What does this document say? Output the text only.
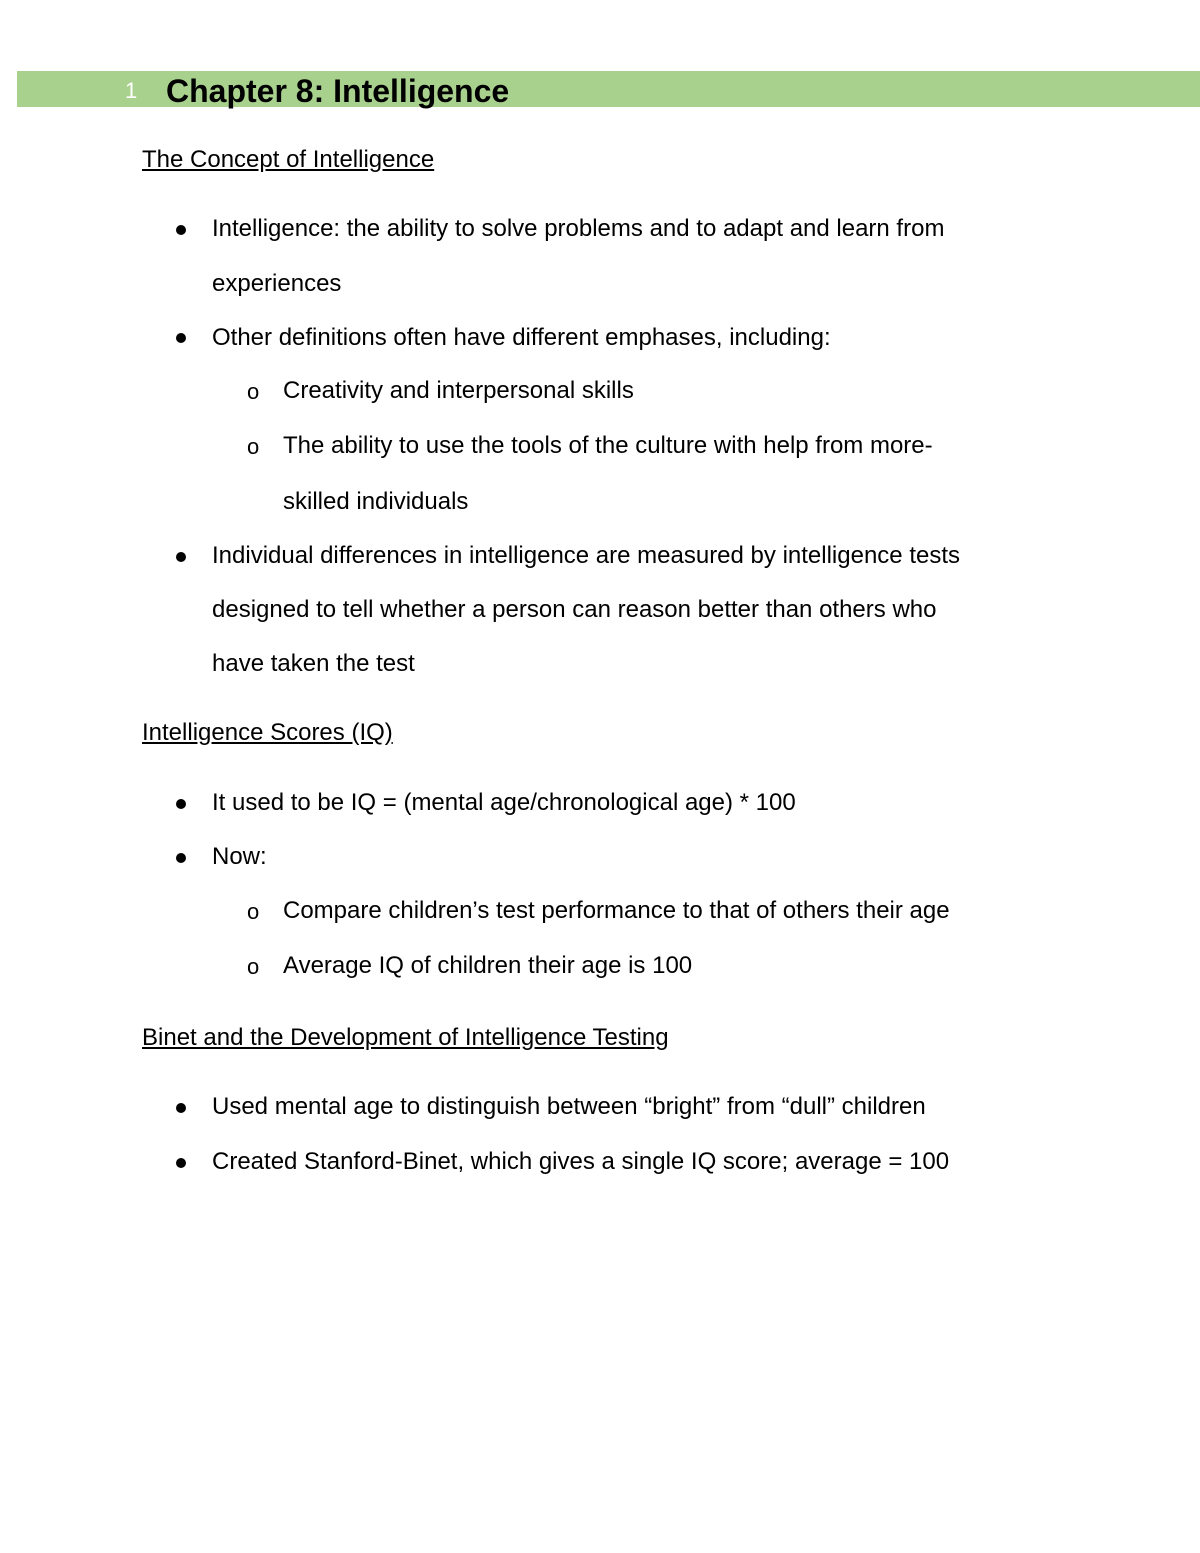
1 Chapter 8: Intelligence
The Concept of Intelligence
Intelligence: the ability to solve problems and to adapt and learn from
experiences
Other definitions often have different emphases, including:
o Creativity and interpersonal skills
o The ability to use the tools of the culture with help from more-
skilled individuals
Individual differences in intelligence are measured by intelligence tests
designed to tell whether a person can reason better than others who
have taken the test
Intelligence Scores (IQ)
It used to be IQ = (mental age/chronological age) * 100
Now:
o Compare children’s test performance to that of others their age
o Average IQ of children their age is 100
Binet and the Development of Intelligence Testing
Used mental age to distinguish between “bright” from “dull” children
Created Stanford-Binet, which gives a single IQ score; average = 100
